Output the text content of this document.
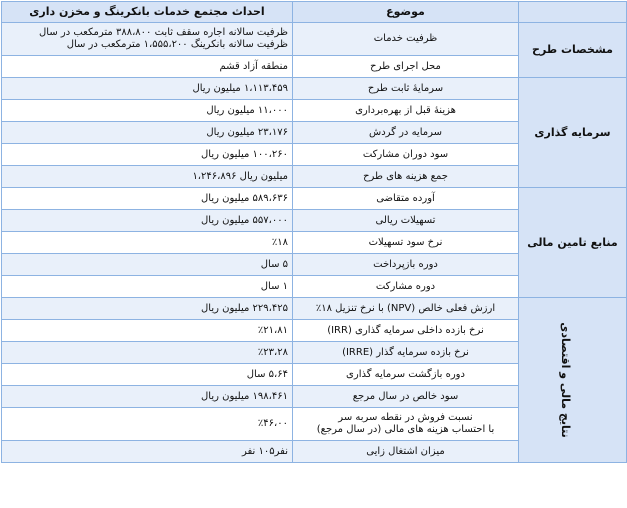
	موضوع	احداث مجتمع خدمات بانکرینگ و مخزن داری
مشخصات طرح	ظرفیت خدمات	ظرفیت سالانه اجاره سقف ثابت ۳۸۸،۸۰۰ مترمکعب در سال
ظرفیت سالانه بانکرینگ ۱،۵۵۵،۲۰۰ مترمکعب در سال
	محل اجرای طرح	منطقه آزاد قشم
سرمایه گذاری	سرمایهٔ ثابت طرح	۱،۱۱۳،۴۵۹ میلیون ریال
	هزینهٔ قبل از بهره‌برداری	۱۱،۰۰۰ میلیون ریال
	سرمایه در گردش	۲۳،۱۷۶ میلیون ریال
	سود دوران مشارکت	۱۰۰،۲۶۰ میلیون ریال
	جمع هزینه های طرح	میلیون ریال ۱،۲۴۶،۸۹۶
منابع تامین مالی	آورده متقاضی	۵۸۹،۶۳۶ میلیون ریال
	تسهیلات ریالی	۵۵۷،۰۰۰ میلیون ریال
	نرخ سود تسهیلات	٪۱۸
	دوره بازپرداخت	۵ سال
	دوره مشارکت	۱ سال
نتایج مالی و اقتصادی	ارزش فعلی خالص (NPV) با نرخ تنزیل ۱۸٪	۲۲۹،۴۲۵ میلیون ریال
	نرخ بازده داخلی سرمایه گذاری (IRR)	٪۲۱،۸۱
	نرخ بازده سرمایه گذار (IRRE)	٪۲۳،۲۸
	دوره بازگشت سرمایه گذاری	۵،۶۴ سال
	سود خالص در سال مرجع	۱۹۸،۴۶۱ میلیون ریال
	نسبت فروش در نقطه سربه سر
با احتساب هزینه های مالی (در سال مرجع)	٪۴۶،۰۰
	میزان اشتغال زایی	نفر۱۰۵ نفر
